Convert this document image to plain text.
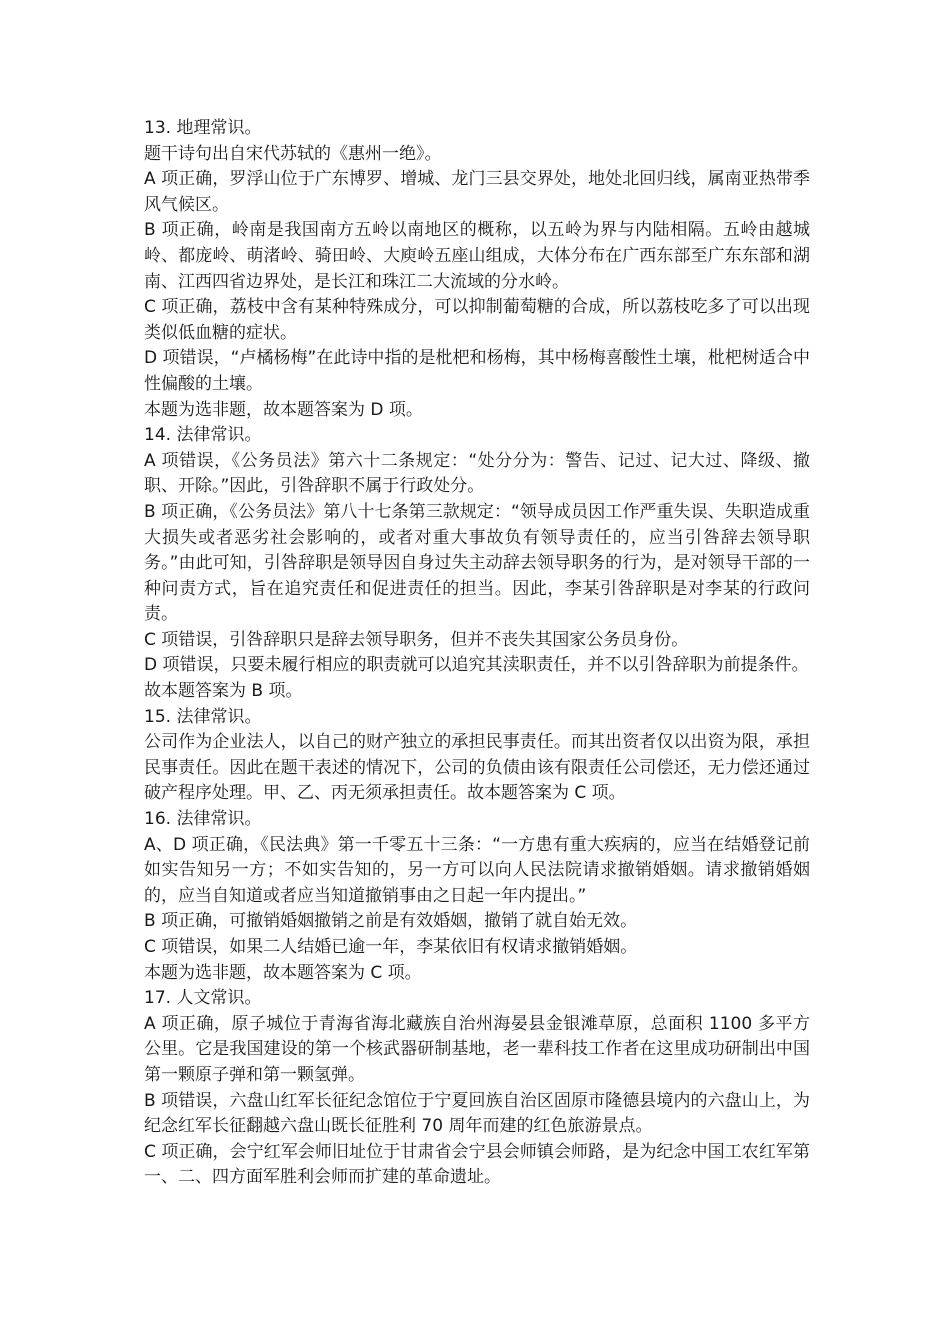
13. 地理常识。

题干诗句出自宋代苏轼的《惠州一绝》。

A 项正确，罗浮山位于广东博罗、增城、龙门三县交界处，地处北回归线，属南亚热带季风气候区。

B 项正确，岭南是我国南方五岭以南地区的概称，以五岭为界与内陆相隔。五岭由越城岭、都庞岭、萌渚岭、骑田岭、大庾岭五座山组成，大体分布在广西东部至广东东部和湖南、江西四省边界处，是长江和珠江二大流域的分水岭。

C 项正确，荔枝中含有某种特殊成分，可以抑制葡萄糖的合成，所以荔枝吃多了可以出现类似低血糖的症状。

D 项错误，“卢橘杨梅”在此诗中指的是枇杷和杨梅，其中杨梅喜酸性土壤，枇杷树适合中性偏酸的土壤。

本题为选非题，故本题答案为 D 项。

14. 法律常识。

A 项错误，《公务员法》第六十二条规定：“处分分为：警告、记过、记大过、降级、撤职、开除。”因此，引咎辞职不属于行政处分。

B 项正确，《公务员法》第八十七条第三款规定：“领导成员因工作严重失误、失职造成重大损失或者恶劣社会影响的，或者对重大事故负有领导责任的，应当引咎辞去领导职务。”由此可知，引咎辞职是领导因自身过失主动辞去领导职务的行为，是对领导干部的一种问责方式，旨在追究责任和促进责任的担当。因此，李某引咎辞职是对李某的行政问责。

C 项错误，引咎辞职只是辞去领导职务，但并不丧失其国家公务员身份。

D 项错误，只要未履行相应的职责就可以追究其渎职责任，并不以引咎辞职为前提条件。

故本题答案为 B 项。

15. 法律常识。

公司作为企业法人，以自己的财产独立的承担民事责任。而其出资者仅以出资为限，承担民事责任。因此在题干表述的情况下，公司的负债由该有限责任公司偿还，无力偿还通过破产程序处理。甲、乙、丙无须承担责任。故本题答案为 C 项。

16. 法律常识。

A、D 项正确，《民法典》第一千零五十三条：“一方患有重大疾病的，应当在结婚登记前如实告知另一方；不如实告知的，另一方可以向人民法院请求撤销婚姻。请求撤销婚姻的，应当自知道或者应当知道撤销事由之日起一年内提出。”

B 项正确，可撤销婚姻撤销之前是有效婚姻，撤销了就自始无效。

C 项错误，如果二人结婚已逾一年，李某依旧有权请求撤销婚姻。

本题为选非题，故本题答案为 C 项。

17. 人文常识。

A 项正确，原子城位于青海省海北藏族自治州海晏县金银滩草原，总面积 1100 多平方公里。它是我国建设的第一个核武器研制基地，老一辈科技工作者在这里成功研制出中国第一颗原子弹和第一颗氢弹。

B 项错误，六盘山红军长征纪念馆位于宁夏回族自治区固原市隆德县境内的六盘山上，为纪念红军长征翻越六盘山既长征胜利 70 周年而建的红色旅游景点。

C 项正确，会宁红军会师旧址位于甘肃省会宁县会师镇会师路，是为纪念中国工农红军第一、二、四方面军胜利会师而扩建的革命遗址。
